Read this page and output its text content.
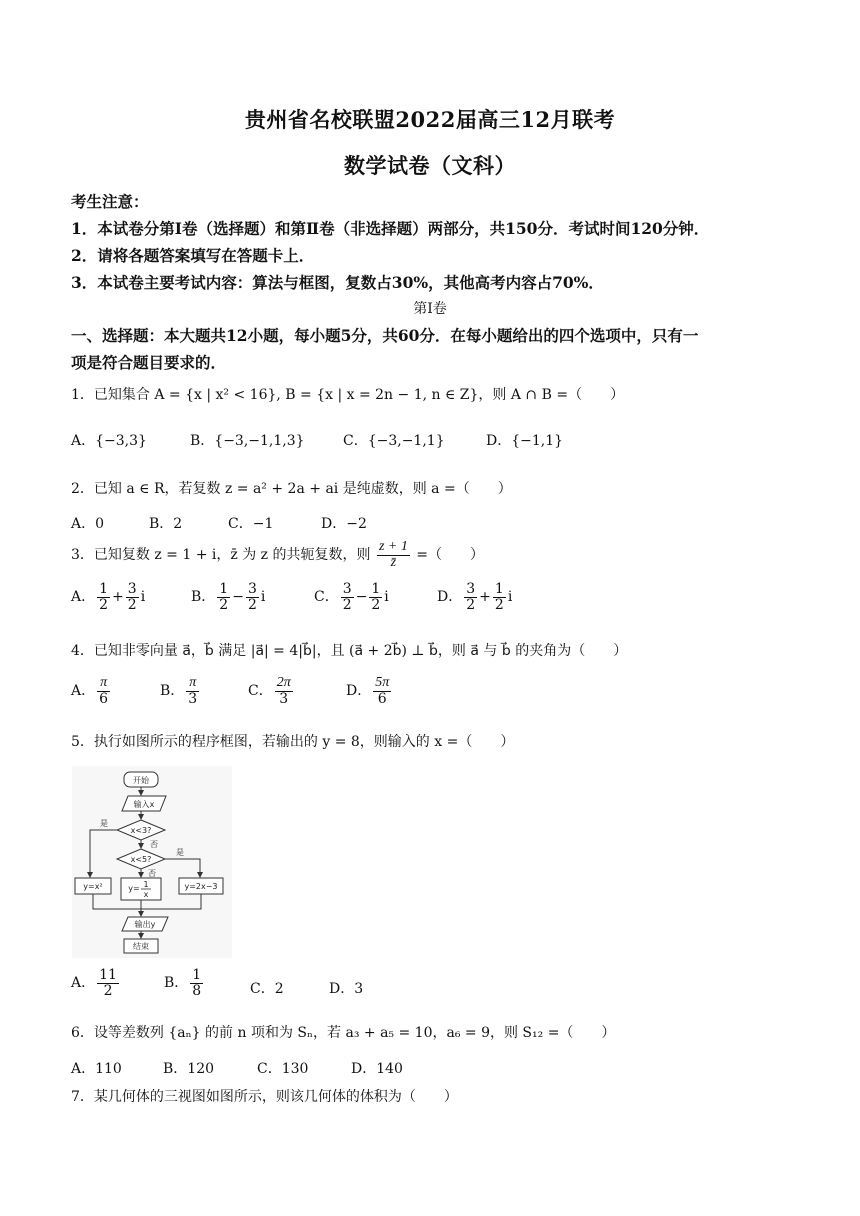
贵州省名校联盟2022届高三12月联考
数学试卷（文科）
考生注意：
1．本试卷分第Ⅰ卷（选择题）和第Ⅱ卷（非选择题）两部分，共150分．考试时间120分钟．
2．请将各题答案填写在答题卡上．
3．本试卷主要考试内容：算法与框图，复数占30%，其他高考内容占70%．
第Ⅰ卷
一、选择题：本大题共12小题，每小题5分，共60分．在每小题给出的四个选项中，只有一
项是符合题目要求的．
1．已知集合 A = {x | x² < 16}, B = {x | x = 2n − 1, n ∈ Z}，则 A ∩ B =（　　）
A．{−3,3}	B．{−3,−1,1,3}	C．{−3,−1,1}	D．{−1,1}
2．已知 a ∈ R，若复数 z = a² + 2a + ai 是纯虚数，则 a =（　　）
A．0	B．2	C．−1	D．−2
3．已知复数 z = 1 + i，z̄ 为 z 的共轭复数，则 $\frac{z + 1}{z̄}$ =（　　）
A． $\frac{1}{2} + \frac{3}{2}$ i	B． $\frac{1}{2} - \frac{3}{2}$ i	C． $\frac{3}{2} - \frac{1}{2}$ i	D． $\frac{3}{2} + \frac{1}{2}$ i
4．已知非零向量 a⃗，b⃗ 满足 |a⃗| = 4|b⃗|，且 (a⃗ + 2b⃗) ⊥ b⃗，则 a⃗ 与 b⃗ 的夹角为（　　）
A． $\frac{\pi}{6}$	B． $\frac{\pi}{3}$	C． $\frac{2\pi}{3}$	D． $\frac{5\pi}{6}$
5．执行如图所示的程序框图，若输出的 y = 8，则输入的 x =（　　）
开始
输入x
x<3?
x<5?
是
否
是
否
y=x²	y= 1
x
y=2x−3
输出y
结束
A． $\frac{11}{2}$	B． $\frac{1}{8}$	C．2	D．3
6．设等差数列 {aₙ} 的前 n 项和为 Sₙ，若 a₃ + a₅ = 10，a₆ = 9，则 S₁₂ =（　　）
A．110	B．120	C．130	D．140
7．某几何体的三视图如图所示，则该几何体的体积为（　　）
